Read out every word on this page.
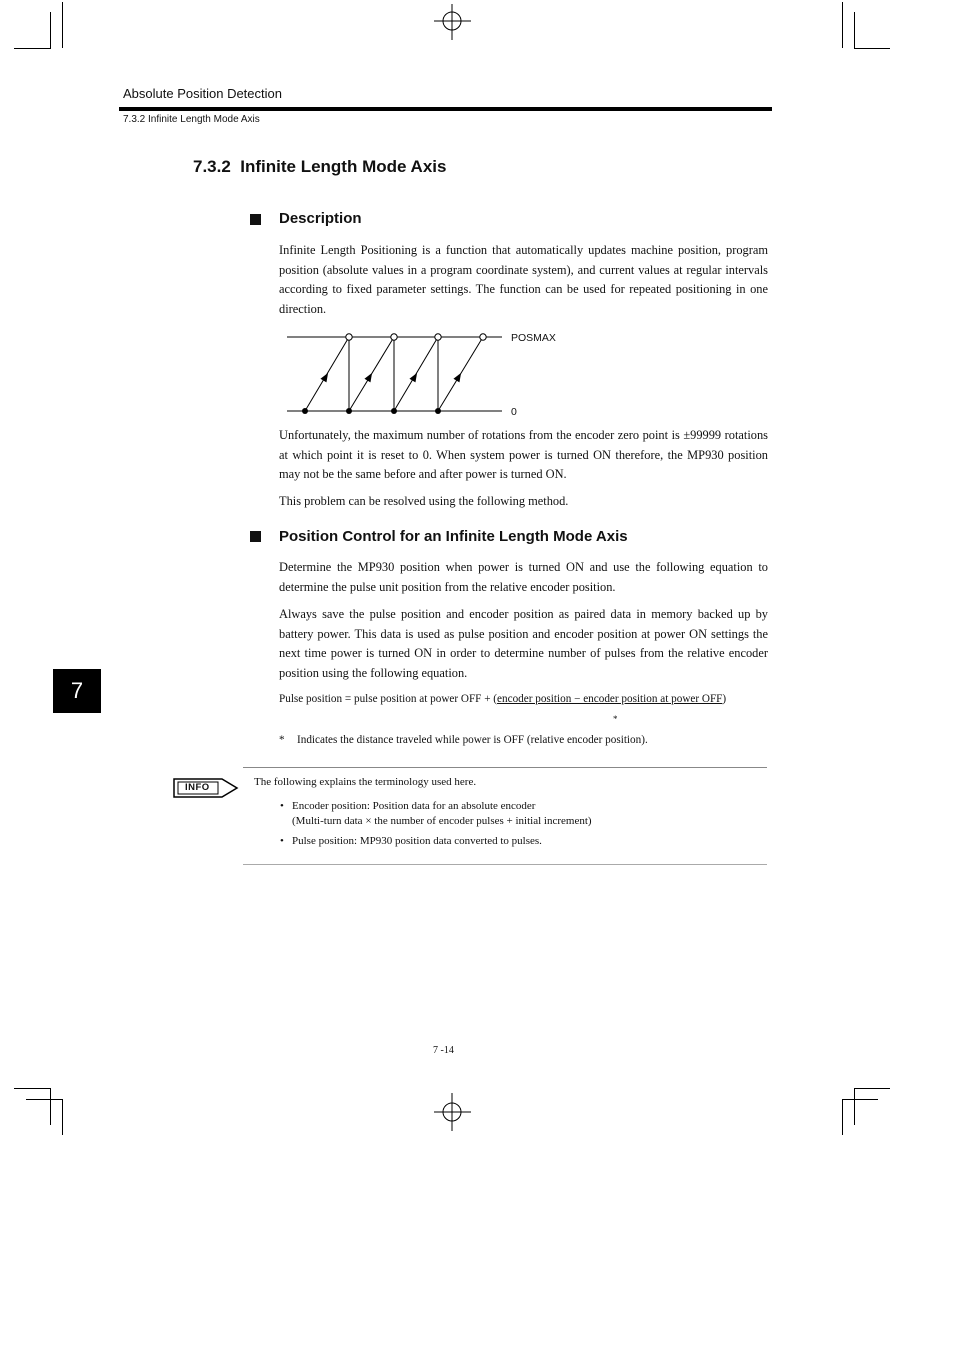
Absolute Position Detection
7.3.2 Infinite Length Mode Axis
7.3.2  Infinite Length Mode Axis
Description
Infinite Length Positioning is a function that automatically updates machine position, program position (absolute values in a program coordinate system), and current values at regular intervals according to fixed parameter settings. The function can be used for repeated positioning in one direction.
POSMAX
0
Unfortunately, the maximum number of rotations from the encoder zero point is ±99999 rotations at which point it is reset to 0. When system power is turned ON therefore, the MP930 position may not be the same before and after power is turned ON.
This problem can be resolved using the following method.
Position Control for an Infinite Length Mode Axis
Determine the MP930 position when power is turned ON and use the following equation to determine the pulse unit position from the relative encoder position.
Always save the pulse position and encoder position as paired data in memory backed up by battery power. This data is used as pulse position and encoder position at power ON settings the next time power is turned ON in order to determine number of pulses from the relative encoder position using the following equation.
Pulse position = pulse position at power OFF + (encoder position − encoder position at power OFF)
*
* Indicates the distance traveled while power is OFF (relative encoder position).
INFO	The following explains the terminology used here.
• Encoder position: Position data for an absolute encoder
(Multi-turn data × the number of encoder pulses + initial increment)
• Pulse position: MP930 position data converted to pulses.
7
7 -14
